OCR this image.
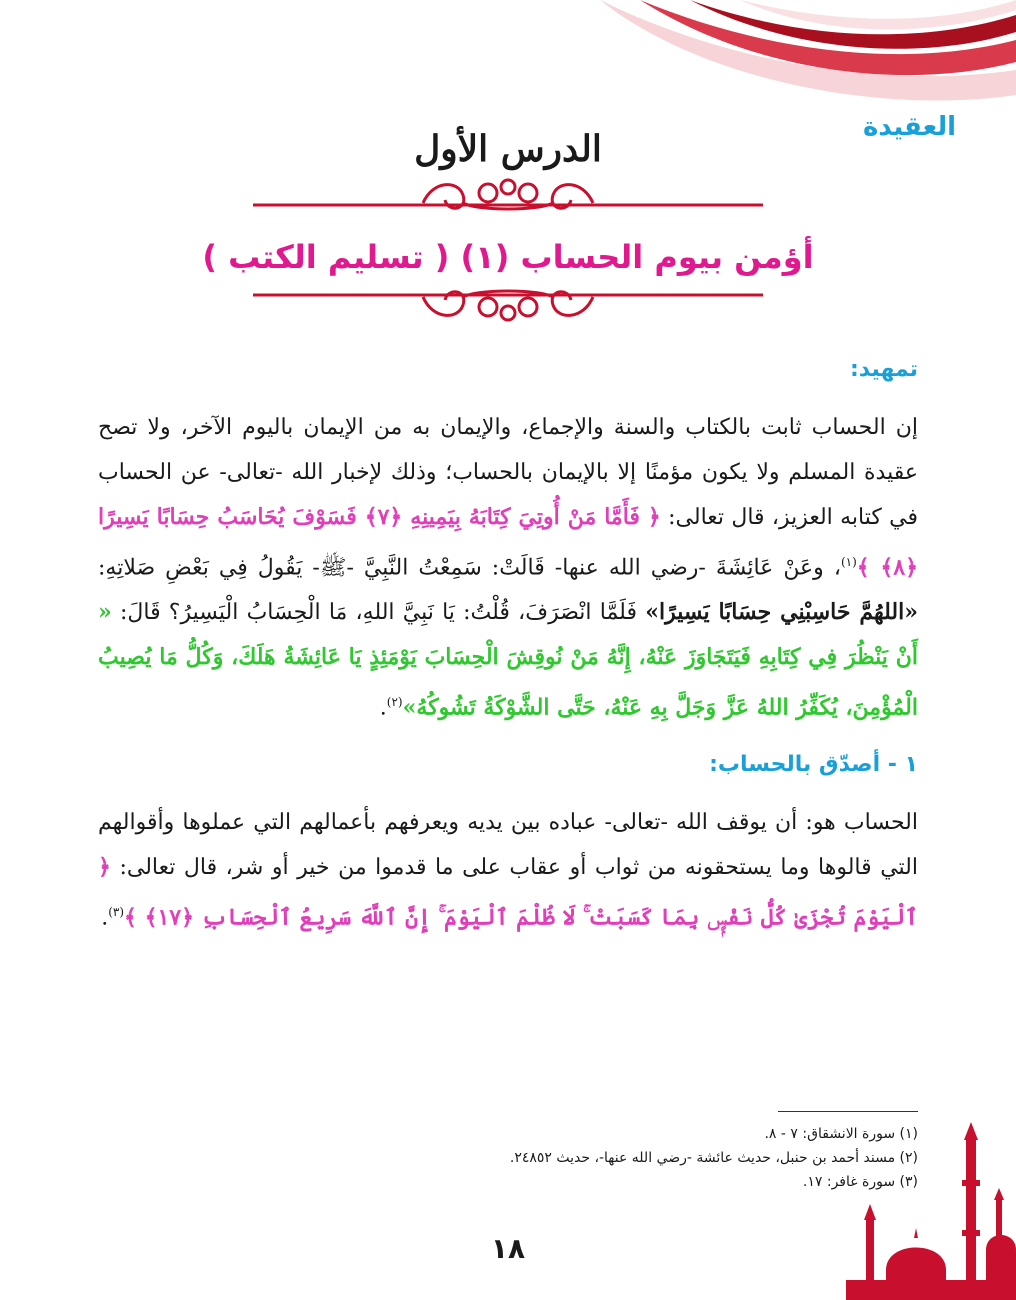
العقيدة
الدرس الأول
أؤمن بيوم الحساب (١) ( تسليم الكتب )
تمهيد:

إن الحساب ثابت بالكتاب والسنة والإجماع، والإيمان به من الإيمان باليوم الآخر، ولا تصح عقيدة المسلم ولا يكون مؤمنًا إلا بالإيمان بالحساب؛ وذلك لإخبار الله -تعالى- عن الحساب في كتابه العزيز، قال تعالى: ﴿ فَأَمَّا مَنْ أُوتِيَ كِتَابَهُ بِيَمِينِهِ ﴿٧﴾ فَسَوْفَ يُحَاسَبُ حِسَابًا يَسِيرًا ﴿٨﴾ ﴾$^{(١)}$، وعَنْ عَائِشَةَ -رضي الله عنها- قَالَتْ: سَمِعْتُ النَّبِيَّ -ﷺ- يَقُولُ فِي بَعْضِ صَلاتِهِ: «اللهُمَّ حَاسِبْنِي حِسَابًا يَسِيرًا» فَلَمَّا انْصَرَفَ، قُلْتُ: يَا نَبِيَّ اللهِ، مَا الْحِسَابُ الْيَسِيرُ؟ قَالَ: « أَنْ يَنْظُرَ فِي كِتَابِهِ فَيَتَجَاوَزَ عَنْهُ، إِنَّهُ مَنْ نُوقِشَ الْحِسَابَ يَوْمَئِذٍ يَا عَائِشَةُ هَلَكَ، وَكُلُّ مَا يُصِيبُ الْمُؤْمِنَ، يُكَفِّرُ اللهُ عَزَّ وَجَلَّ بِهِ عَنْهُ، حَتَّى الشَّوْكَةُ تَشُوكُهُ»$^{(٢)}$.

١ - أصدّق بالحساب:

الحساب هو: أن يوقف الله -تعالى- عباده بين يديه ويعرفهم بأعمالهم التي عملوها وأقوالهم التي قالوها وما يستحقونه من ثواب أو عقاب على ما قدموا من خير أو شر، قال تعالى: ﴿ ٱلْيَوْمَ تُجْزَىٰ كُلُّ نَفْسٍۭ بِمَا كَسَبَتْ ۚ لَا ظُلْمَ ٱلْيَوْمَ ۚ إِنَّ ٱللَّهَ سَرِيعُ ٱلْحِسَابِ ﴿١٧﴾ ﴾$^{(٣)}$.

(١) سورة الانشقاق: ٧ - ٨.
(٢) مسند أحمد بن حنبل، حديث عائشة -رضي الله عنها-، حديث ٢٤٨٥٢.
(٣) سورة غافر: ١٧.
١٨
